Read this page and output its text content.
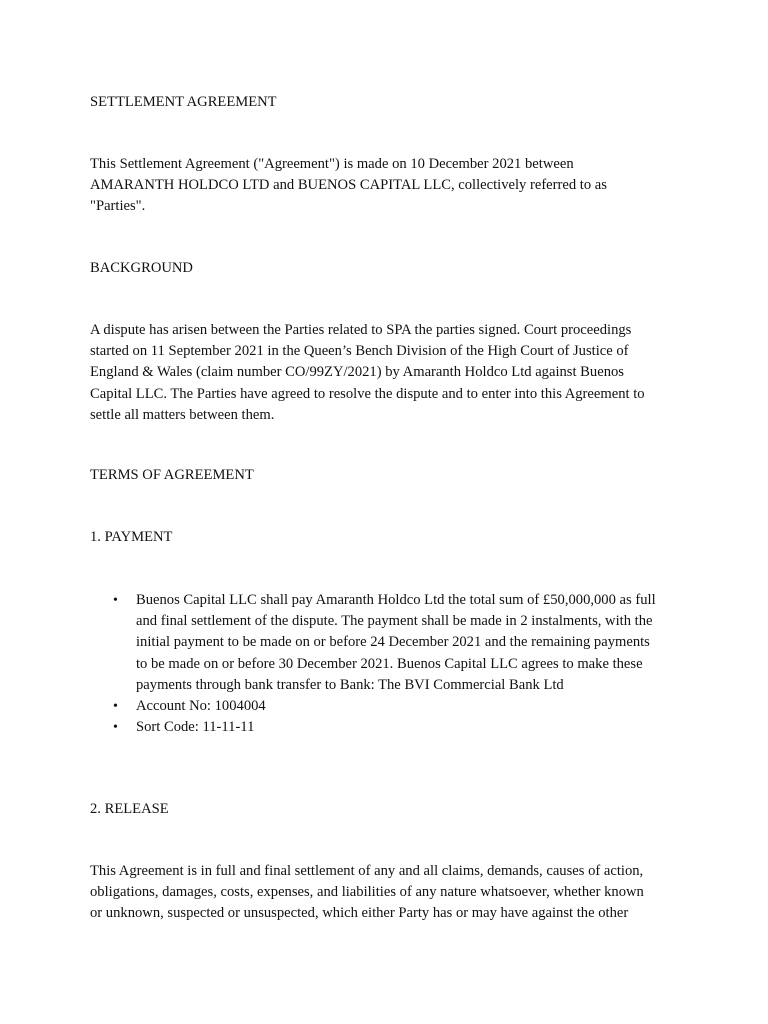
SETTLEMENT AGREEMENT
This Settlement Agreement ("Agreement") is made on 10 December 2021 between
AMARANTH HOLDCO LTD and BUENOS CAPITAL LLC, collectively referred to as
"Parties".
BACKGROUND
A dispute has arisen between the Parties related to SPA the parties signed. Court proceedings
started on 11 September 2021 in the Queen’s Bench Division of the High Court of Justice of
England & Wales (claim number CO/99ZY/2021) by Amaranth Holdco Ltd against Buenos
Capital LLC. The Parties have agreed to resolve the dispute and to enter into this Agreement to
settle all matters between them.
TERMS OF AGREEMENT
1. PAYMENT
• Buenos Capital LLC shall pay Amaranth Holdco Ltd the total sum of £50,000,000 as full
and final settlement of the dispute. The payment shall be made in 2 instalments, with the
initial payment to be made on or before 24 December 2021 and the remaining payments
to be made on or before 30 December 2021. Buenos Capital LLC agrees to make these
payments through bank transfer to Bank: The BVI Commercial Bank Ltd
• Account No: 1004004
• Sort Code: 11-11-11
2. RELEASE
This Agreement is in full and final settlement of any and all claims, demands, causes of action,
obligations, damages, costs, expenses, and liabilities of any nature whatsoever, whether known
or unknown, suspected or unsuspected, which either Party has or may have against the other
